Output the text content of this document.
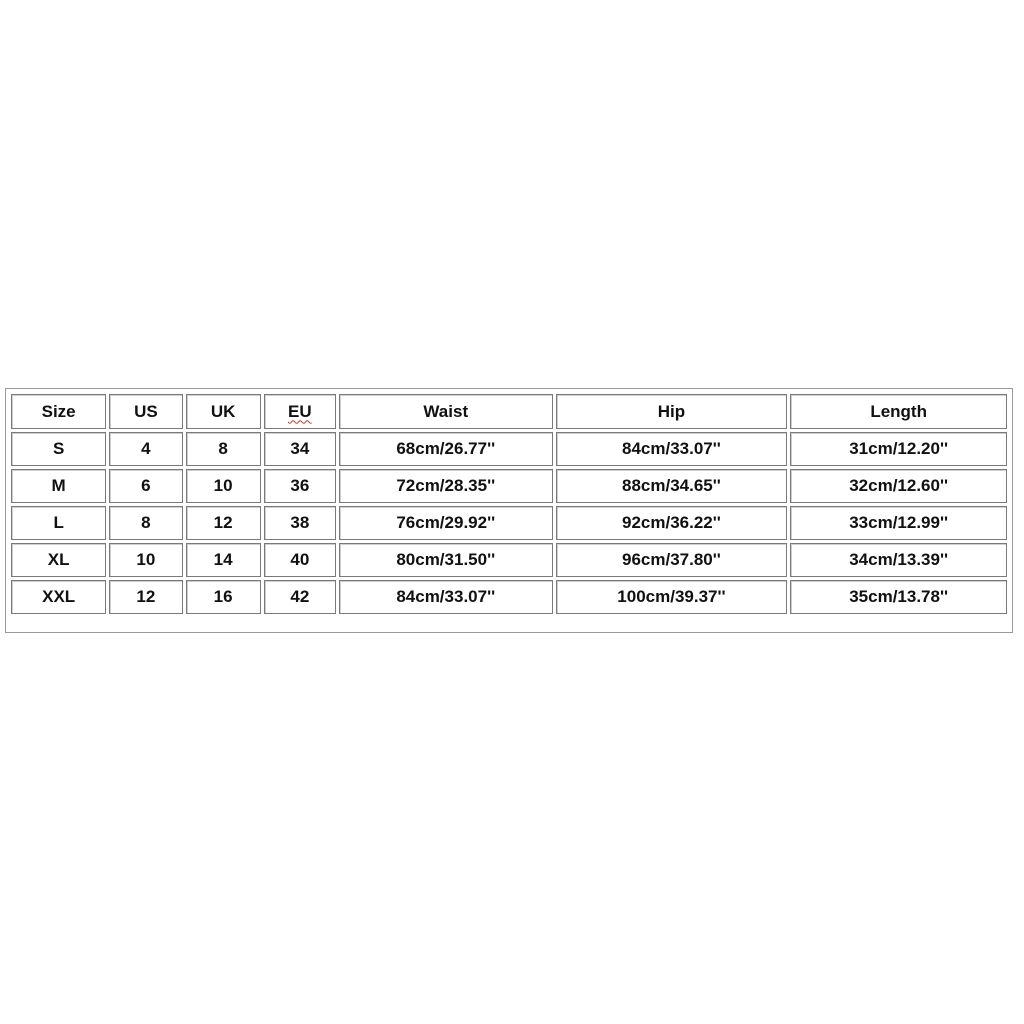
Size	US	UK	EU	Waist	Hip	Length
S	4	8	34	68cm/26.77''	84cm/33.07''	31cm/12.20''
M	6	10	36	72cm/28.35''	88cm/34.65''	32cm/12.60''
L	8	12	38	76cm/29.92''	92cm/36.22''	33cm/12.99''
XL	10	14	40	80cm/31.50''	96cm/37.80''	34cm/13.39''
XXL	12	16	42	84cm/33.07''	100cm/39.37''	35cm/13.78''
